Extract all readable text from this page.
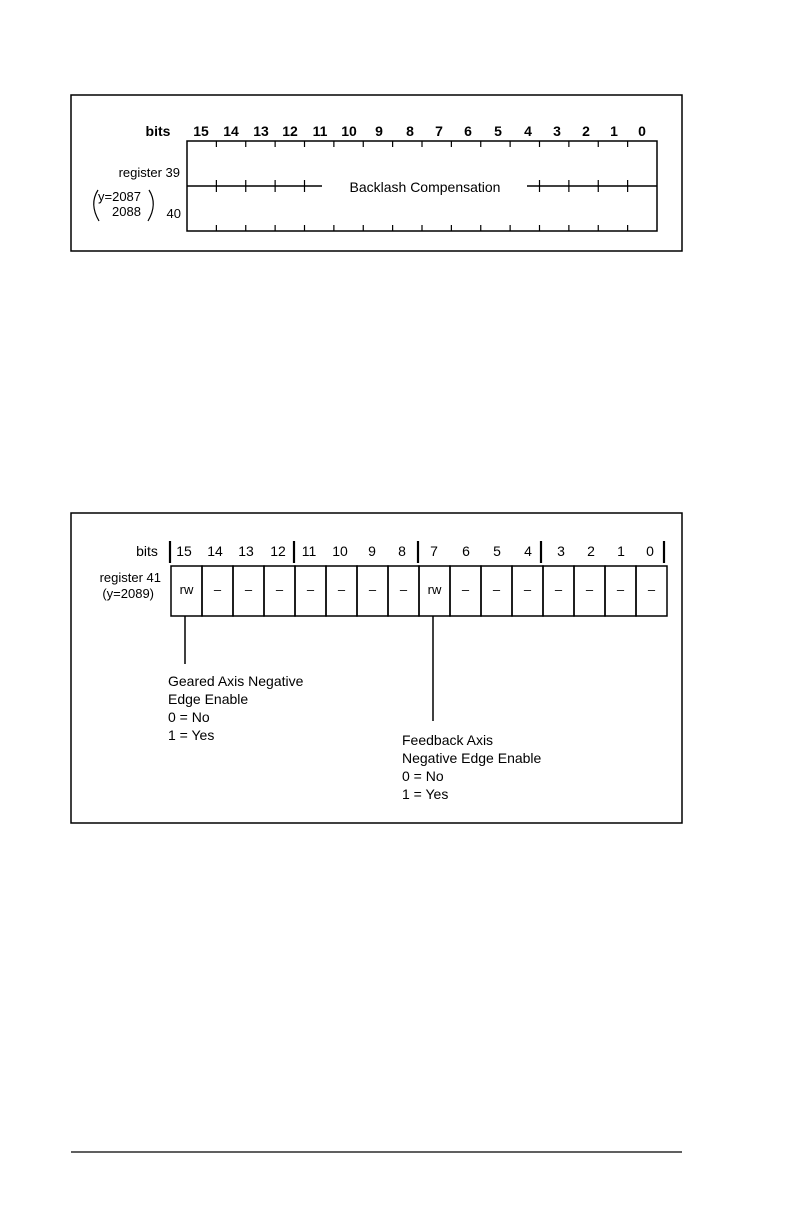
bits 15 14 13 12 11 10 9 8 7 6 5 4 3 2 1 0
Backlash Compensation
register 39
y=2087
2088 40
bits 15 14 13 12 11 10 9 8 7 6 5 4 3 2 1 0
register 41
(y=2089) rw – – – – – – – rw – – – – – – –
Geared Axis Negative
Edge Enable
0 = No
1 = Yes	Feedback Axis
Negative Edge Enable
0 = No
1 = Yes
